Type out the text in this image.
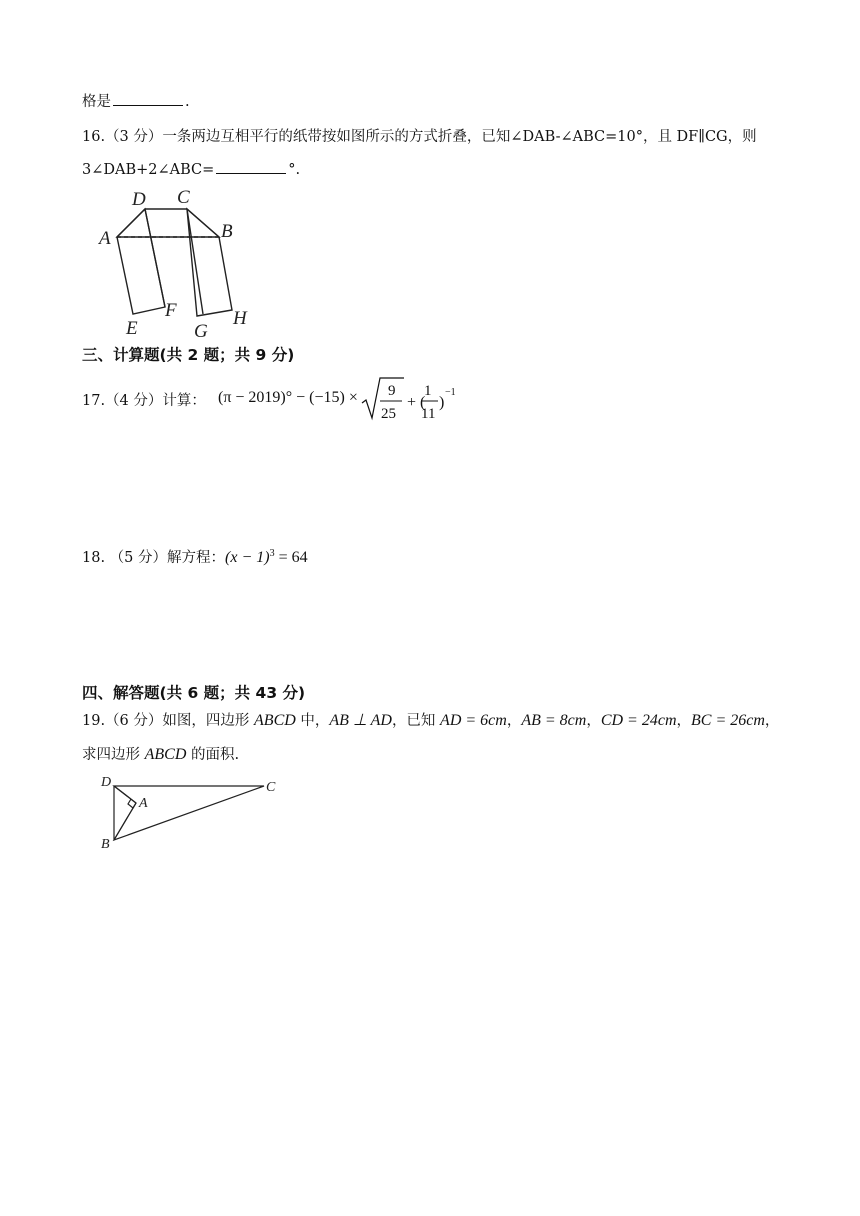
格是	.
16.（3 分）一条两边互相平行的纸带按如图所示的方式折叠，已知∠DAB-∠ABC=10°，且 DF∥CG，则
3∠DAB+2∠ABC=	°.
A	B
C
D
E
F
G
H
三、计算题(共 2 题；共 9 分)
17.（4 分）计算： (π − 2019)° − (−15) × 9
25
+ (
1
11
)
−1
18. （5 分）解方程：$(x - 1)^3 = 64$
四、解答题(共 6 题；共 43 分)
19.（6 分）如图，四边形 ABCD 中，AB ⊥ AD，已知 AD = 6cm，AB = 8cm，CD = 24cm，BC = 26cm，
求四边形 ABCD 的面积.
D	C
A
B
